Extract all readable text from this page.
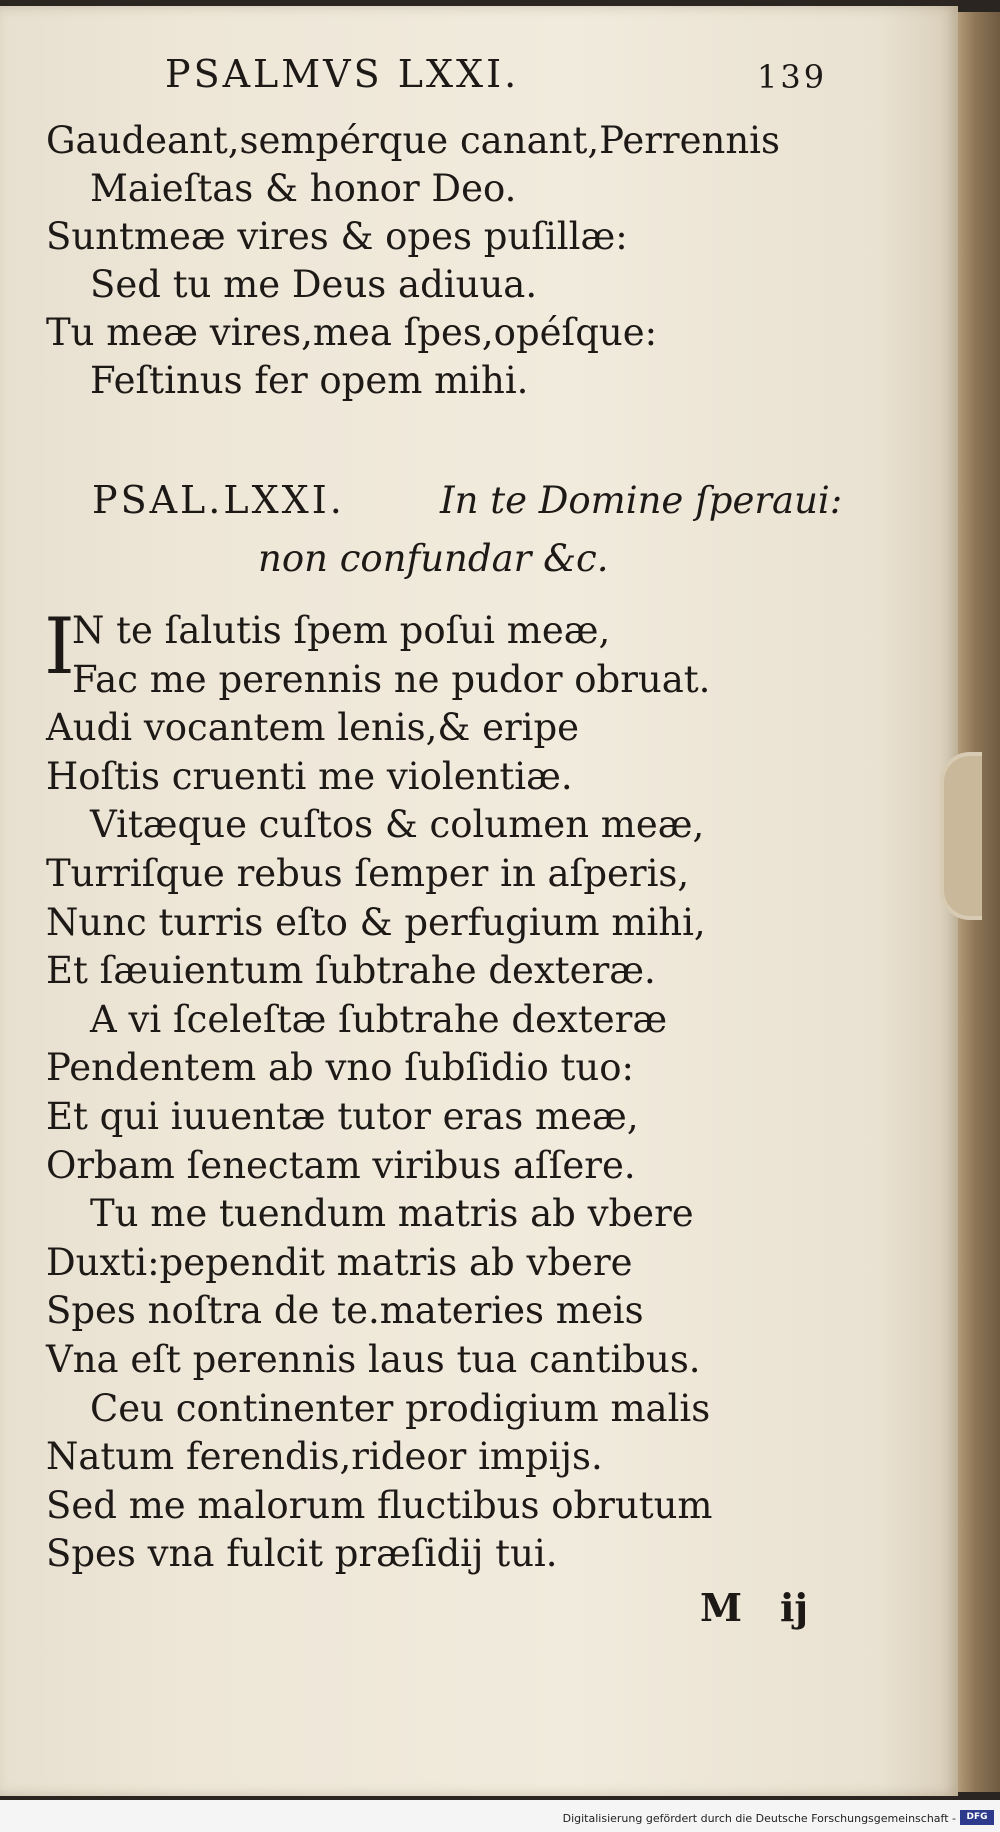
PSALMVS LXXI.	139
Gaudeant,sempérque canant,Perrennis
Maieſtas & honor Deo.
Suntmeæ vires & opes puſillæ:
Sed tu me Deus adiuua.
Tu meæ vires,mea ſpes,opéſque:
Feſtinus fer opem mihi.
PSAL.LXXI.	In te Domine ſperaui:
non confundar &c.
I
N te ſalutis ſpem poſui meæ,
Fac me perennis ne pudor obruat.
Audi vocantem lenis,& eripe
Hoſtis cruenti me violentiæ.
Vitæque cuſtos & columen meæ,
Turriſque rebus ſemper in aſperis,
Nunc turris eſto & perfugium mihi,
Et ſæuientum ſubtrahe dexteræ.
A vi ſceleſtæ ſubtrahe dexteræ
Pendentem ab vno ſubſidio tuo:
Et qui iuuentæ tutor eras meæ,
Orbam ſenectam viribus aſſere.
Tu me tuendum matris ab vbere
Duxti:pependit matris ab vbere
Spes noſtra de te.materies meis
Vna eſt perennis laus tua cantibus.
Ceu continenter prodigium malis
Natum ferendis,rideor impijs.
Sed me malorum fluctibus obrutum
Spes vna fulcit præſidij tui.
M ij
Digitalisierung gefördert durch die Deutsche Forschungsgemeinschaft -	DFG
